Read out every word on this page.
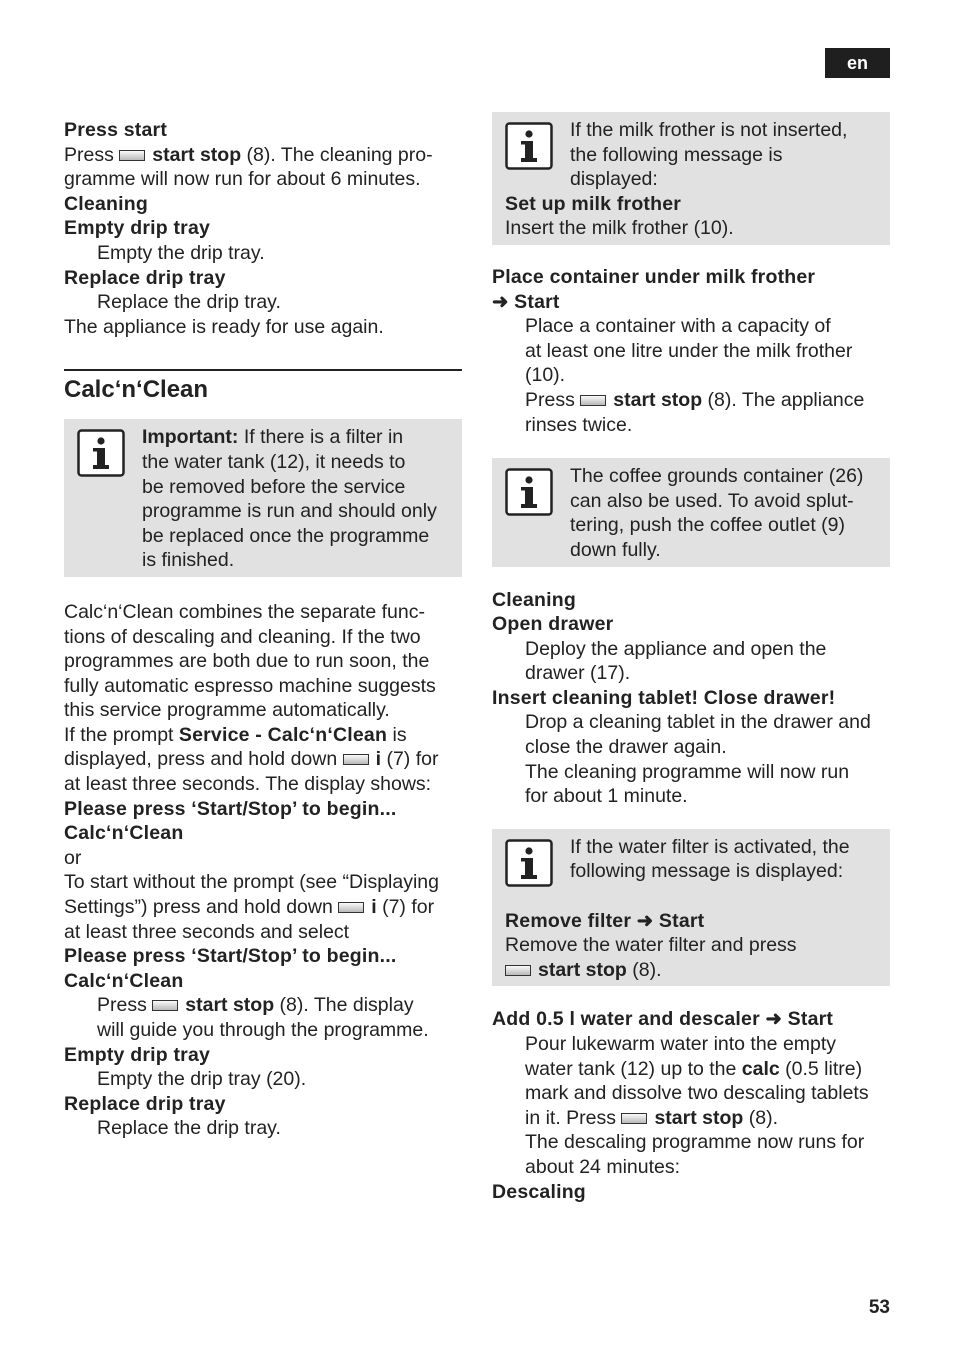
en
Press start
Press start stop (8). The cleaning pro-
gramme will now run for about 6 minutes.
Cleaning
Empty drip tray
Empty the drip tray.
Replace drip tray
Replace the drip tray.
The appliance is ready for use again.
Calc‘n‘Clean
Important: If there is a filter in
the water tank (12), it needs to
be removed before the service
programme is run and should only
be replaced once the programme
is finished.
Calc‘n‘Clean combines the separate func-
tions of descaling and cleaning. If the two
programmes are both due to run soon, the
fully automatic espresso machine suggests
this service programme automatically.
If the prompt Service - Calc‘n‘Clean is
displayed, press and hold down i (7) for
at least three seconds. The display shows:
Please press ‘Start/Stop’ to begin...
Calc‘n‘Clean
or
To start without the prompt (see “Displaying
Settings”) press and hold down i (7) for
at least three seconds and select
Please press ‘Start/Stop’ to begin...
Calc‘n‘Clean
Press start stop (8). The display
will guide you through the programme.
Empty drip tray
Empty the drip tray (20).
Replace drip tray
Replace the drip tray.
If the milk frother is not inserted,
the following message is
displayed:
Set up milk frother
Insert the milk frother (10).
Place container under milk frother
➜ Start
Place a container with a capacity of
at least one litre under the milk frother
(10).
Press start stop (8). The appliance
rinses twice.
The coffee grounds container (26)
can also be used. To avoid splut-
tering, push the coffee outlet (9)
down fully.
Cleaning
Open drawer
Deploy the appliance and open the
drawer (17).
Insert cleaning tablet! Close drawer!
Drop a cleaning tablet in the drawer and
close the drawer again.
The cleaning programme will now run
for about 1 minute.
If the water filter is activated, the
following message is displayed:

Remove filter ➜ Start
Remove the water filter and press
start stop (8).
Add 0.5 l water and descaler ➜ Start
Pour lukewarm water into the empty
water tank (12) up to the calc (0.5 litre)
mark and dissolve two descaling tablets
in it. Press start stop (8).
The descaling programme now runs for
about 24 minutes:
Descaling
53
